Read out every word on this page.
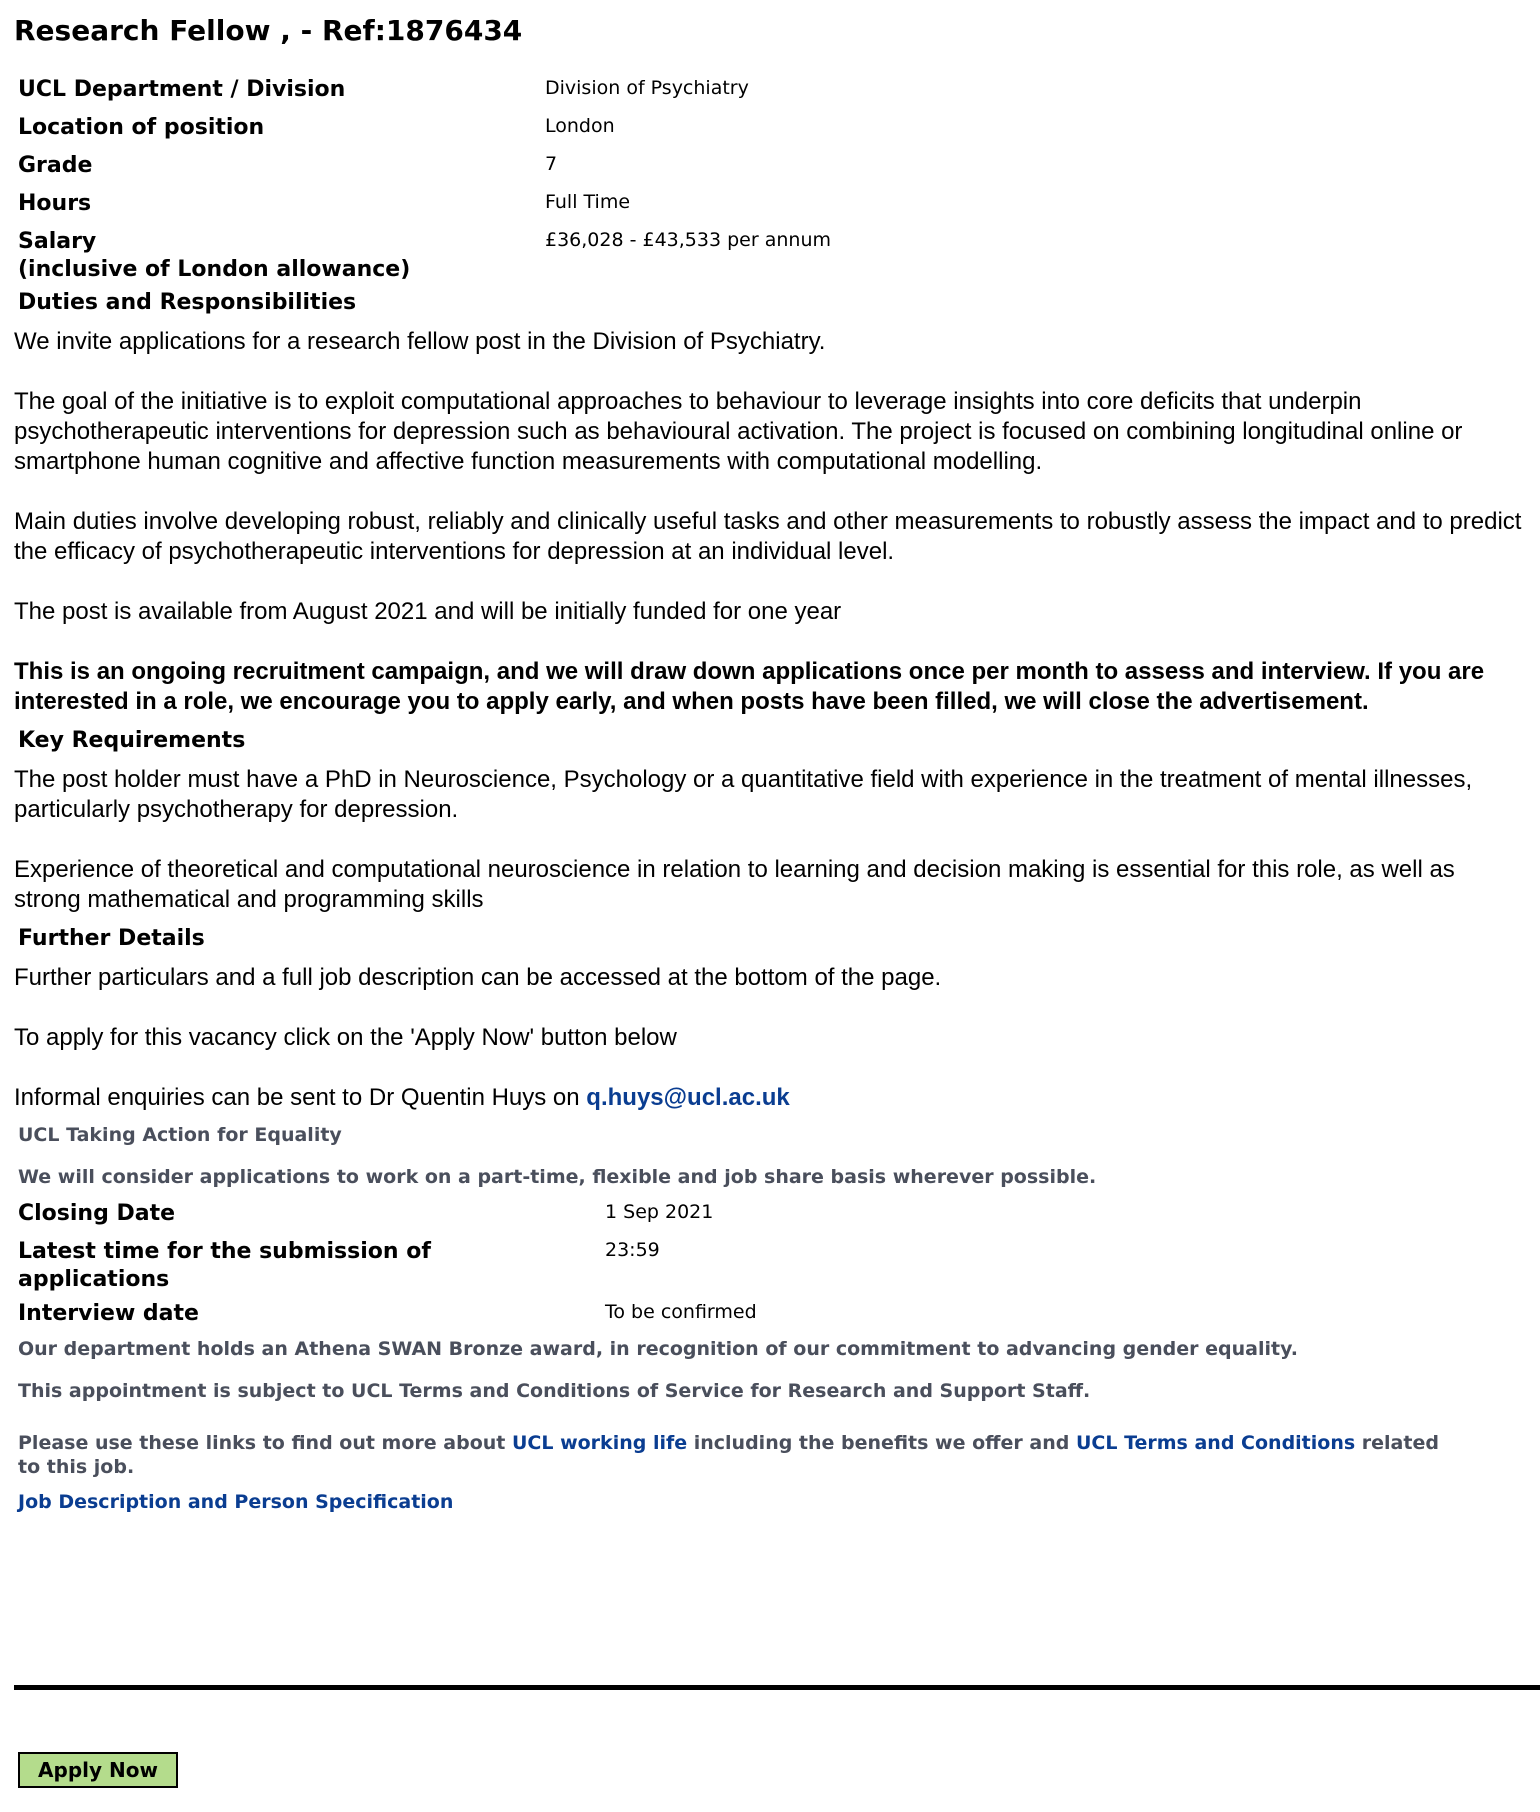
Research Fellow , - Ref:1876434
UCL Department / Division	Division of Psychiatry
Location of position	London
Grade	7
Hours	Full Time
Salary
(inclusive of London allowance)	£36,028 - £43,533 per annum
Duties and Responsibilities

We invite applications for a research fellow post in the Division of Psychiatry.

The goal of the initiative is to exploit computational approaches to behaviour to leverage insights into core deficits that underpin psychotherapeutic interventions for depression such as behavioural activation. The project is focused on combining longitudinal online or smartphone human cognitive and affective function measurements with computational modelling.

Main duties involve developing robust, reliably and clinically useful tasks and other measurements to robustly assess the impact and to predict the efficacy of psychotherapeutic interventions for depression at an individual level.

The post is available from August 2021 and will be initially funded for one year

This is an ongoing recruitment campaign, and we will draw down applications once per month to assess and interview. If you are interested in a role, we encourage you to apply early, and when posts have been filled, we will close the advertisement.

Key Requirements

The post holder must have a PhD in Neuroscience, Psychology or a quantitative field with experience in the treatment of mental illnesses, particularly psychotherapy for depression.

Experience of theoretical and computational neuroscience in relation to learning and decision making is essential for this role, as well as strong mathematical and programming skills

Further Details

Further particulars and a full job description can be accessed at the bottom of the page.

To apply for this vacancy click on the 'Apply Now' button below

Informal enquiries can be sent to Dr Quentin Huys on q.huys@ucl.ac.uk

UCL Taking Action for Equality
We will consider applications to work on a part-time, flexible and job share basis wherever possible.
Closing Date	1 Sep 2021
Latest time for the submission of applications	23:59
Interview date	To be confirmed
Our department holds an Athena SWAN Bronze award, in recognition of our commitment to advancing gender equality.
This appointment is subject to UCL Terms and Conditions of Service for Research and Support Staff.
Please use these links to find out more about UCL working life including the benefits we offer and UCL Terms and Conditions related to this job.
Job Description and Person Specification
Apply Now
